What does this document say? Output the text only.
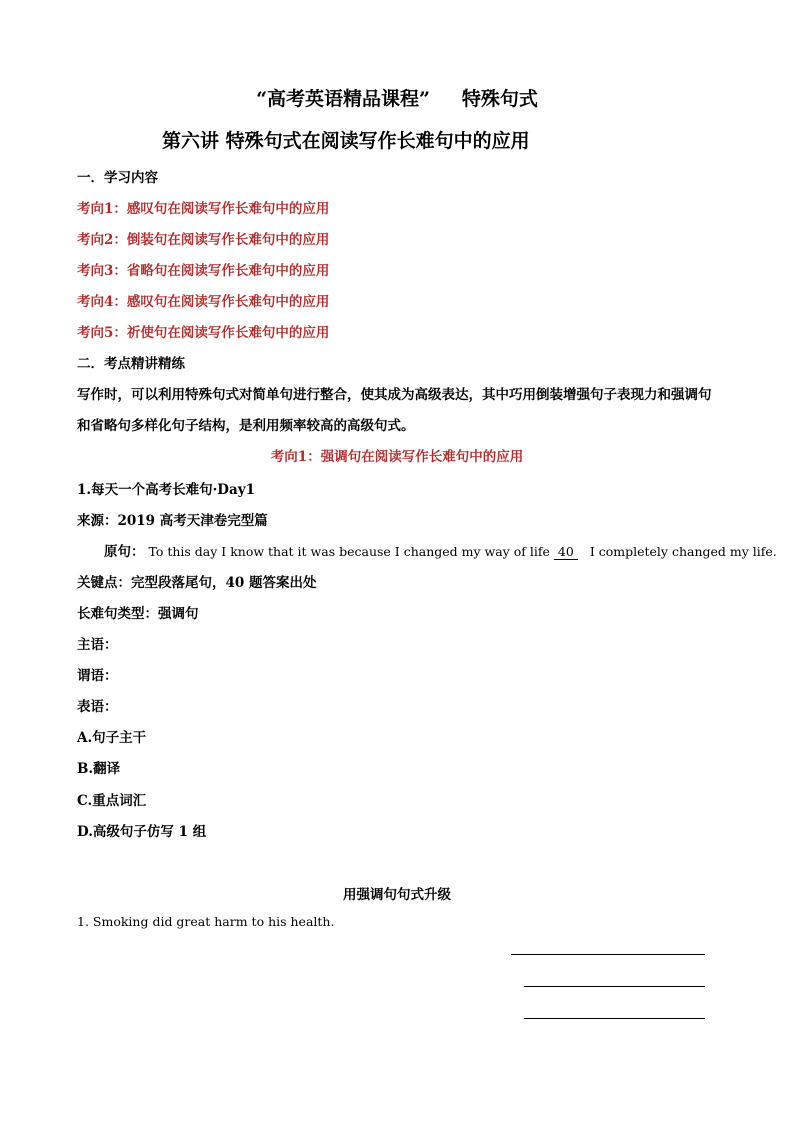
“高考英语精品课程” 特殊句式
第六讲 特殊句式在阅读写作长难句中的应用
一．学习内容
考向1：感叹句在阅读写作长难句中的应用
考向2：倒装句在阅读写作长难句中的应用
考向3：省略句在阅读写作长难句中的应用
考向4：感叹句在阅读写作长难句中的应用
考向5：祈使句在阅读写作长难句中的应用
二．考点精讲精练
写作时，可以利用特殊句式对简单句进行整合，使其成为高级表达，其中巧用倒装增强句子表现力和强调句和省略句多样化句子结构，是利用频率较高的高级句式。
考向1：强调句在阅读写作长难句中的应用
1.每天一个高考长难句·Day1
来源：2019 高考天津卷完型篇
原句： To this day I know that it was because I changed my way of life 40 I completely changed my life.
关键点：完型段落尾句，40 题答案出处
长难句类型：强调句
主语：
谓语：
表语：
A.句子主干
B.翻译
C.重点词汇
D.高级句子仿写 1 组
用强调句句式升级
1. Smoking did great harm to his health.
